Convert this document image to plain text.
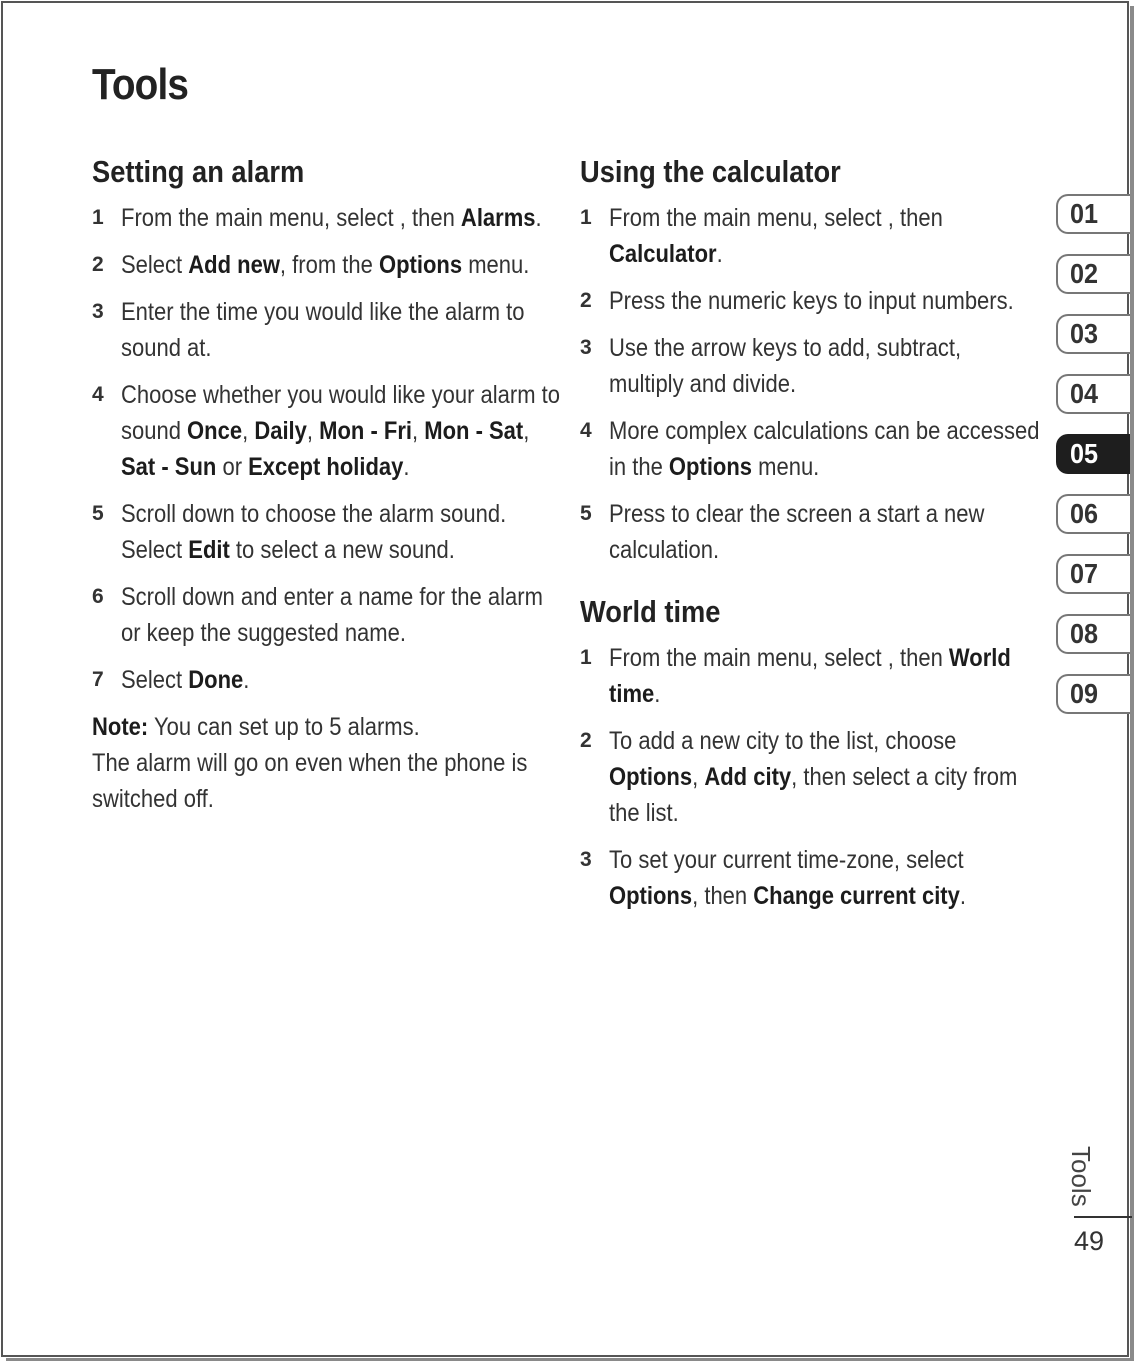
Tools
Setting an alarm
1 From the main menu, select , then Alarms.
2 Select Add new, from the Options menu.
3 Enter the time you would like the alarm to sound at.
4 Choose whether you would like your alarm to sound Once, Daily, Mon - Fri, Mon - Sat, Sat - Sun or Except holiday.
5 Scroll down to choose the alarm sound. Select Edit to select a new sound.
6 Scroll down and enter a name for the alarm or keep the suggested name.
7 Select Done.
Note: You can set up to 5 alarms.
The alarm will go on even when the phone is switched off.
Using the calculator
1 From the main menu, select , then Calculator.
2 Press the numeric keys to input numbers.
3 Use the arrow keys to add, subtract, multiply and divide.
4 More complex calculations can be accessed in the Options menu.
5 Press to clear the screen a start a new calculation.
World time
1 From the main menu, select , then World time.
2 To add a new city to the list, choose Options, Add city, then select a city from the list.
3 To set your current time-zone, select Options, then Change current city.
01
02
03
04
05
06
07
08
09
Tools
49
